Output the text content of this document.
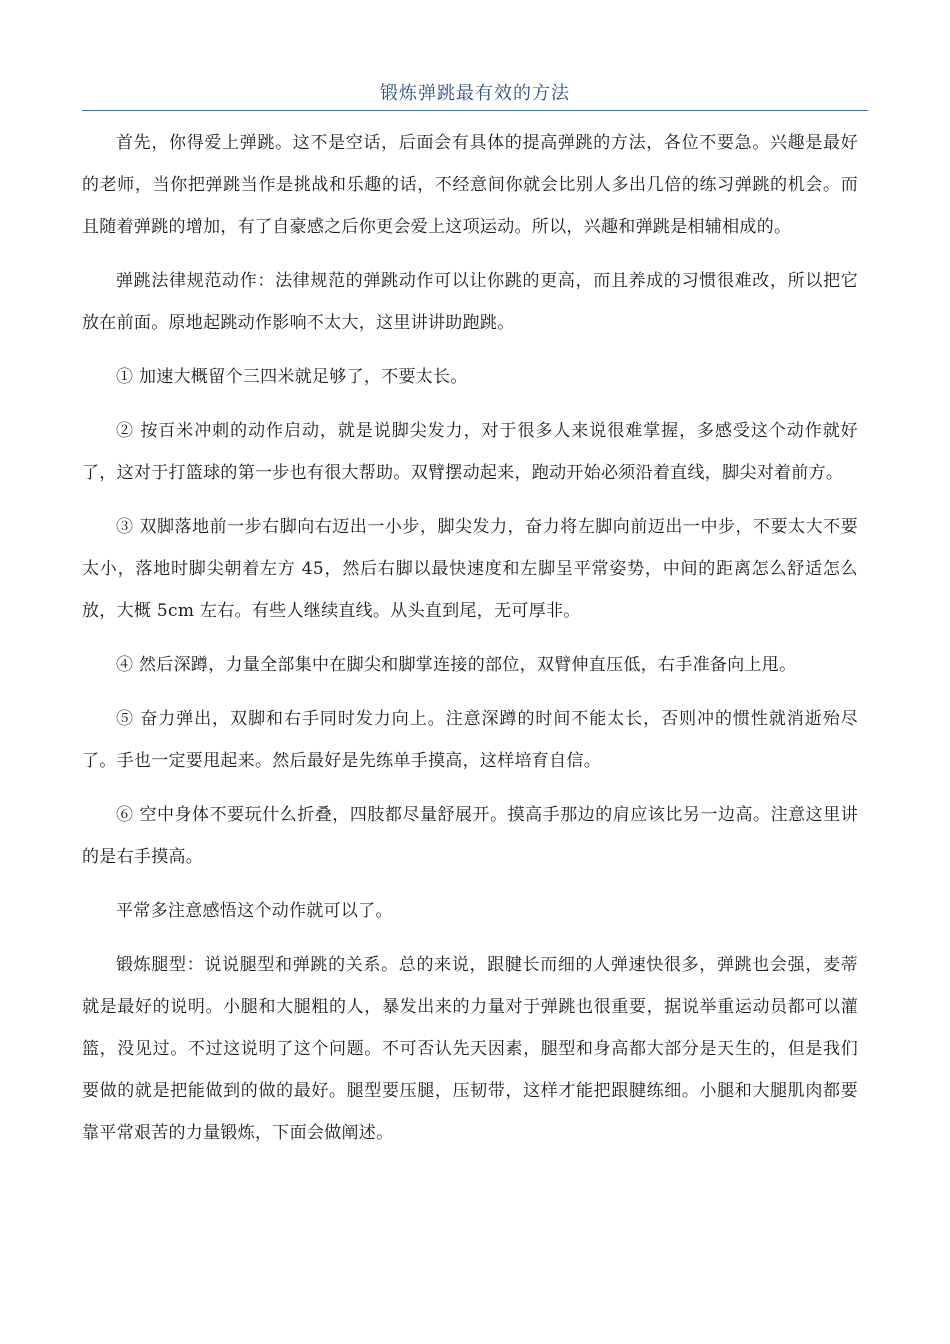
锻炼弹跳最有效的方法

首先，你得爱上弹跳。这不是空话，后面会有具体的提高弹跳的方法，各位不要急。兴趣是最好的老师，当你把弹跳当作是挑战和乐趣的话，不经意间你就会比别人多出几倍的练习弹跳的机会。而且随着弹跳的增加，有了自豪感之后你更会爱上这项运动。所以，兴趣和弹跳是相辅相成的。

弹跳法律规范动作：法律规范的弹跳动作可以让你跳的更高，而且养成的习惯很难改，所以把它放在前面。原地起跳动作影响不太大，这里讲讲助跑跳。

① 加速大概留个三四米就足够了，不要太长。

② 按百米冲刺的动作启动，就是说脚尖发力，对于很多人来说很难掌握，多感受这个动作就好了，这对于打篮球的第一步也有很大帮助。双臂摆动起来，跑动开始必须沿着直线，脚尖对着前方。

③ 双脚落地前一步右脚向右迈出一小步，脚尖发力，奋力将左脚向前迈出一中步，不要太大不要太小，落地时脚尖朝着左方 45，然后右脚以最快速度和左脚呈平常姿势，中间的距离怎么舒适怎么放，大概 5cm 左右。有些人继续直线。从头直到尾，无可厚非。

④ 然后深蹲，力量全部集中在脚尖和脚掌连接的部位，双臂伸直压低，右手准备向上甩。

⑤ 奋力弹出，双脚和右手同时发力向上。注意深蹲的时间不能太长，否则冲的惯性就消逝殆尽了。手也一定要甩起来。然后最好是先练单手摸高，这样培育自信。

⑥ 空中身体不要玩什么折叠，四肢都尽量舒展开。摸高手那边的肩应该比另一边高。注意这里讲的是右手摸高。

平常多注意感悟这个动作就可以了。

锻炼腿型：说说腿型和弹跳的关系。总的来说，跟腱长而细的人弹速快很多，弹跳也会强，麦蒂就是最好的说明。小腿和大腿粗的人，暴发出来的力量对于弹跳也很重要，据说举重运动员都可以灌篮，没见过。不过这说明了这个问题。不可否认先天因素，腿型和身高都大部分是天生的，但是我们要做的就是把能做到的做的最好。腿型要压腿，压韧带，这样才能把跟腱练细。小腿和大腿肌肉都要靠平常艰苦的力量锻炼，下面会做阐述。
